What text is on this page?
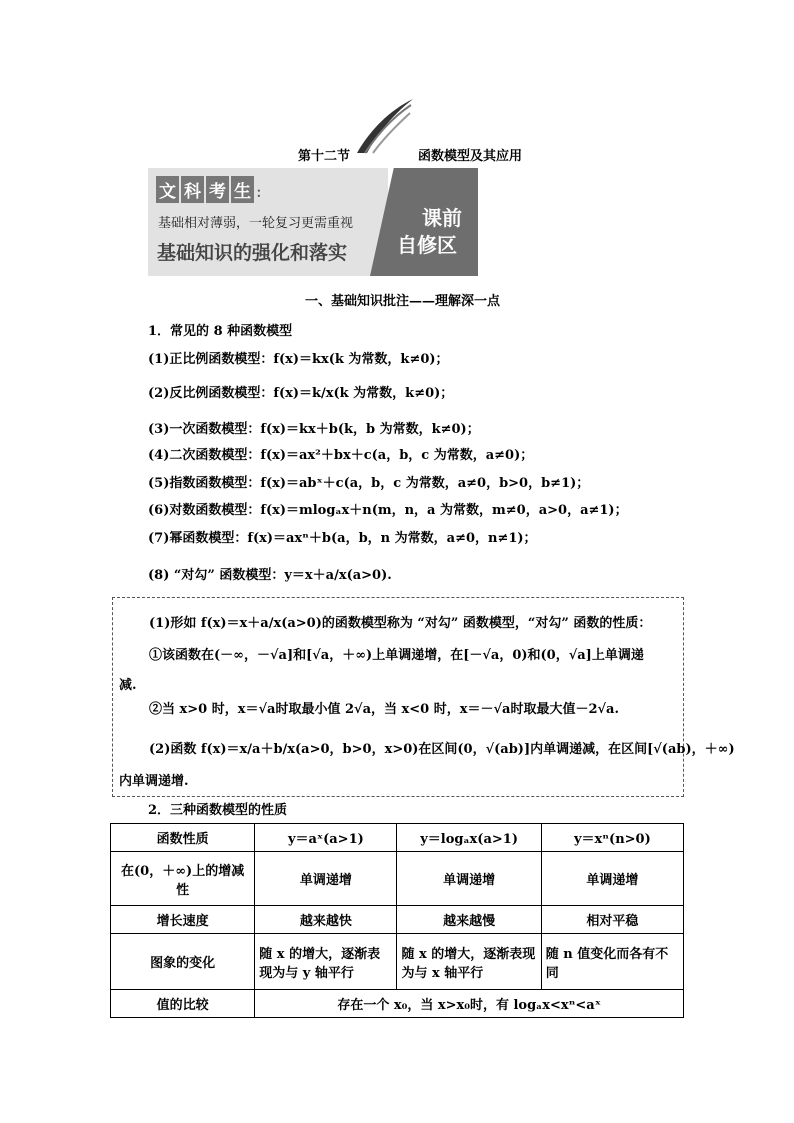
第十二节	函数模型及其应用
文 科 考 生 :
基础相对薄弱，一轮复习更需重视
基础知识的强化和落实
课前
自修区
一、基础知识批注——理解深一点
1．常见的 8 种函数模型
(1)正比例函数模型：f(x)＝kx(k 为常数，k≠0)；
(2)反比例函数模型：f(x)＝k/x(k 为常数，k≠0)；
(3)一次函数模型：f(x)＝kx＋b(k，b 为常数，k≠0)；
(4)二次函数模型：f(x)＝ax²＋bx＋c(a，b，c 为常数，a≠0)；
(5)指数函数模型：f(x)＝abˣ＋c(a，b，c 为常数，a≠0，b>0，b≠1)；
(6)对数函数模型：f(x)＝mlogₐx＋n(m，n，a 为常数，m≠0，a>0，a≠1)；
(7)幂函数模型：f(x)＝axⁿ＋b(a，b，n 为常数，a≠0，n≠1)；
(8) “对勾” 函数模型：y＝x＋a/x(a>0).
(1)形如 f(x)＝x＋a/x(a>0)的函数模型称为 “对勾” 函数模型，“对勾” 函数的性质：
①该函数在(－∞，－√a]和[√a，＋∞)上单调递增，在[－√a，0)和(0，√a]上单调递
减.
②当 x>0 时，x＝√a时取最小值 2√a，当 x<0 时，x＝－√a时取最大值－2√a.
(2)函数 f(x)＝x/a＋b/x(a>0，b>0，x>0)在区间(0，√(ab)]内单调递减，在区间[√(ab)，＋∞)
内单调递增.
2．三种函数模型的性质
函数性质	y＝aˣ(a>1)	y＝logₐx(a>1)	y＝xⁿ(n>0)
在(0，＋∞)上的增减性	单调递增	单调递增	单调递增
增长速度	越来越快	越来越慢	相对平稳
图象的变化	随 x 的增大，逐渐表现为与 y 轴平行	随 x 的增大，逐渐表现为与 x 轴平行	随 n 值变化而各有不同
值的比较	存在一个 x₀，当 x>x₀时，有 logₐx<xⁿ<aˣ		
